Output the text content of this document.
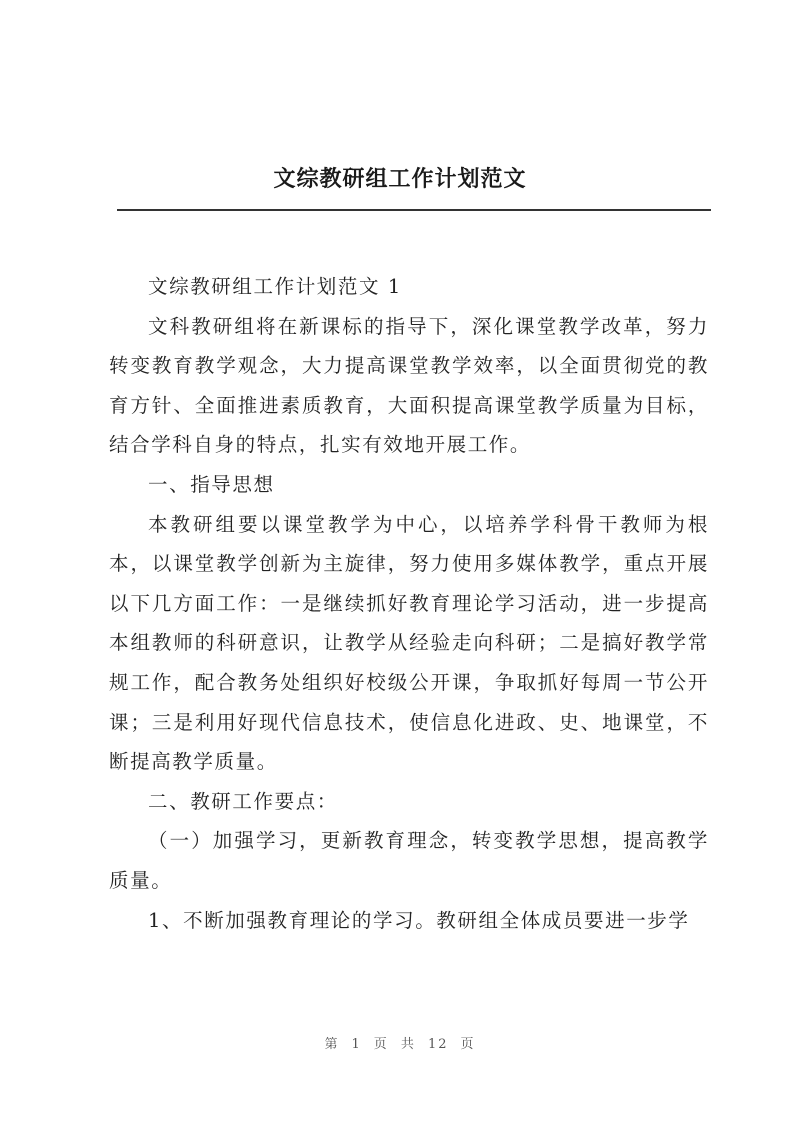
文综教研组工作计划范文

文综教研组工作计划范文 1

文科教研组将在新课标的指导下，深化课堂教学改革，努力转变教育教学观念，大力提高课堂教学效率，以全面贯彻党的教育方针、全面推进素质教育，大面积提高课堂教学质量为目标，结合学科自身的特点，扎实有效地开展工作。

一、指导思想

本教研组要以课堂教学为中心，以培养学科骨干教师为根本，以课堂教学创新为主旋律，努力使用多媒体教学，重点开展以下几方面工作：一是继续抓好教育理论学习活动，进一步提高本组教师的科研意识，让教学从经验走向科研；二是搞好教学常规工作，配合教务处组织好校级公开课，争取抓好每周一节公开课；三是利用好现代信息技术，使信息化进政、史、地课堂，不断提高教学质量。

二、教研工作要点：

（一）加强学习，更新教育理念，转变教学思想，提高教学质量。

1、不断加强教育理论的学习。教研组全体成员要进一步学

第 1 页 共 12 页
